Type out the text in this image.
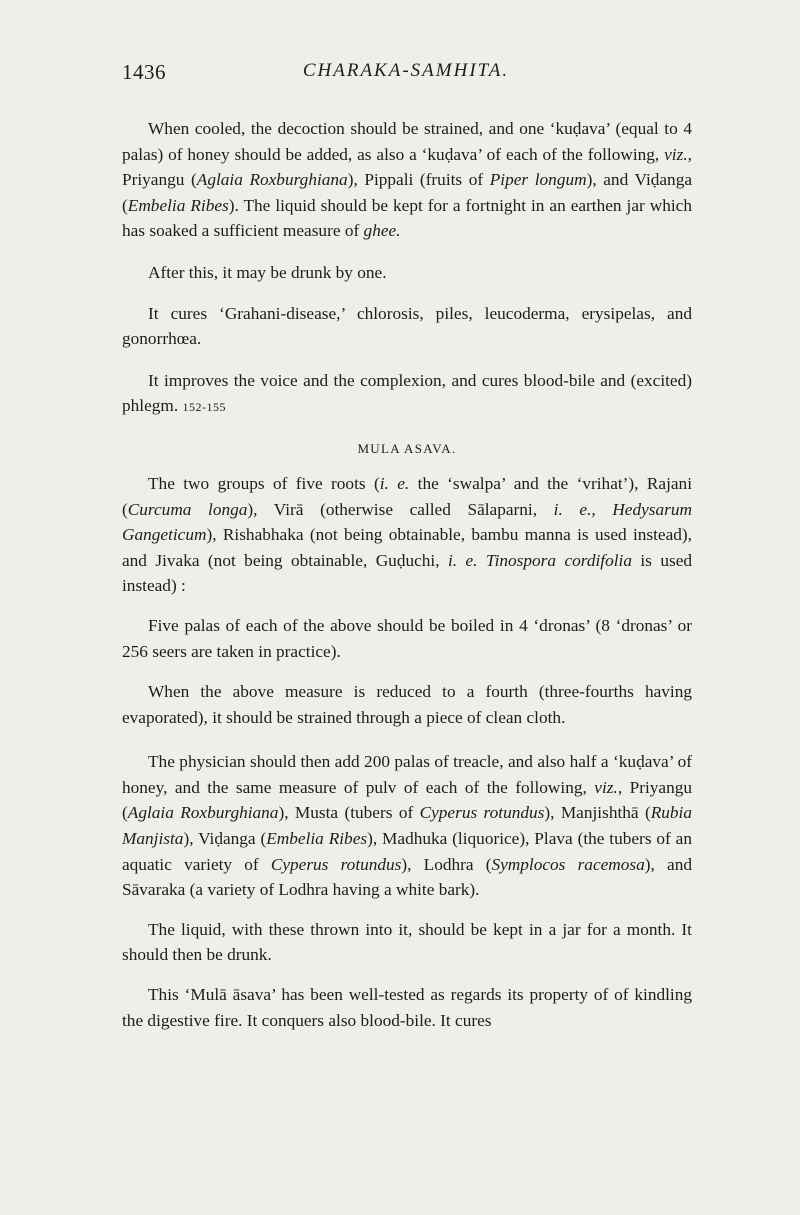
1436	CHARAKA-SAMHITA.

When cooled, the decoction should be strained, and one ‘kuḍava’ (equal to 4 palas) of honey should be added, as also a ‘kuḍava’ of each of the following, viz., Priyangu (Aglaia Roxburghiana), Pippali (fruits of Piper longum), and Viḍanga (Embelia Ribes). The liquid should be kept for a fortnight in an earthen jar which has soaked a sufficient measure of ghee.

After this, it may be drunk by one.

It cures ‘Grahani-disease,’ chlorosis, piles, leucoderma, erysipelas, and gonorrhœa.

It improves the voice and the complexion, and cures blood-bile and (excited) phlegm. 152-155

MULA ASAVA.

The two groups of five roots (i. e. the ‘swalpa’ and the ‘vrihat’), Rajani (Curcuma longa), Virā (otherwise called Sālaparni, i. e., Hedysarum Gangeticum), Rishabhaka (not being obtainable, bambu manna is used instead), and Jivaka (not being obtainable, Guḍuchi, i. e. Tinospora cordifolia is used instead) :

Five palas of each of the above should be boiled in 4 ‘dronas’ (8 ‘dronas’ or 256 seers are taken in practice).

When the above measure is reduced to a fourth (three-fourths having evaporated), it should be strained through a piece of clean cloth.

The physician should then add 200 palas of treacle, and also half a ‘kuḍava’ of honey, and the same measure of pulv of each of the following, viz., Priyangu (Aglaia Roxburghiana), Musta (tubers of Cyperus rotundus), Manjishthā (Rubia Manjista), Viḍanga (Embelia Ribes), Madhuka (liquorice), Plava (the tubers of an aquatic variety of Cyperus rotundus), Lodhra (Symplocos racemosa), and Sāvaraka (a variety of Lodhra having a white bark).

The liquid, with these thrown into it, should be kept in a jar for a month. It should then be drunk.

This ‘Mulā āsava’ has been well-tested as regards its property of of kindling the digestive fire. It conquers also blood-bile. It cures
